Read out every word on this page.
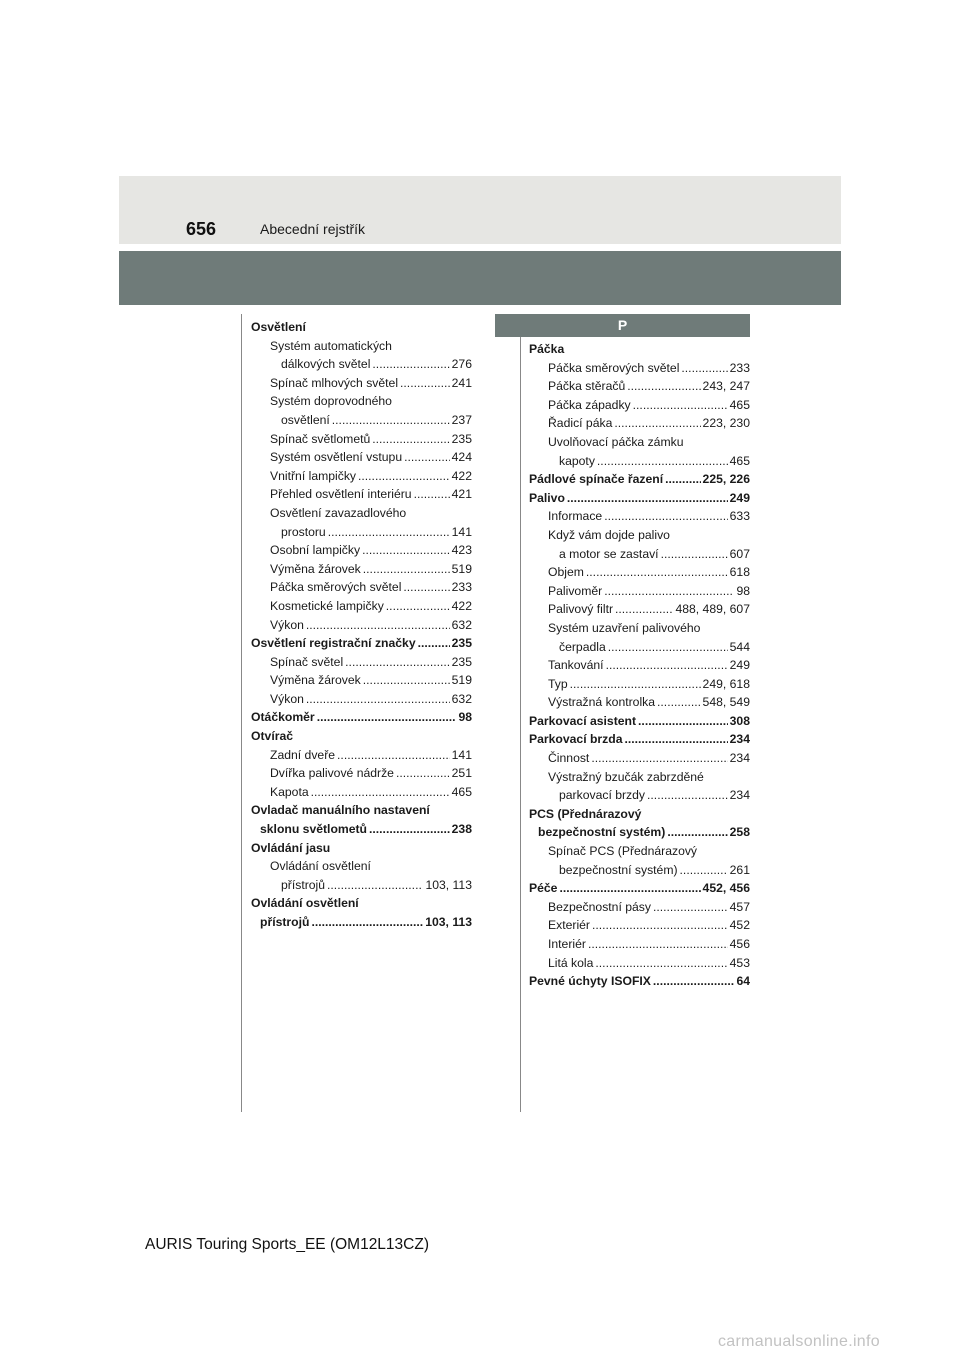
656	Abecední rejstřík
P
Osvětlení
Systém automatických
dálkových světel .....	276
Spínač mlhových světel .....	241
Systém doprovodného
osvětlení .....	237
Spínač světlometů .....	235
Systém osvětlení vstupu .....	424
Vnitřní lampičky .....	422
Přehled osvětlení interiéru .....	421
Osvětlení zavazadlového
prostoru .....	141
Osobní lampičky .....	423
Výměna žárovek .....	519
Páčka směrových světel .....	233
Kosmetické lampičky .....	422
Výkon .....	632
Osvětlení registrační značky .....	235
Spínač světel .....	235
Výměna žárovek .....	519
Výkon .....	632
Otáčkoměr .....	98
Otvírač
Zadní dveře .....	141
Dvířka palivové nádrže .....	251
Kapota .....	465
Ovladač manuálního nastavení
sklonu světlometů .....	238
Ovládání jasu
Ovládání osvětlení
přístrojů .....	103, 113
Ovládání osvětlení
přístrojů .....	103, 113
Páčka
Páčka směrových světel .....	233
Páčka stěračů .....	243, 247
Páčka západky .....	465
Řadicí páka .....	223, 230
Uvolňovací páčka zámku
kapoty .....	465
Pádlové spínače řazení .....	225, 226
Palivo .....	249
Informace .....	633
Když vám dojde palivo
a motor se zastaví .....	607
Objem .....	618
Palivoměr .....	98
Palivový filtr .....	488, 489, 607
Systém uzavření palivového
čerpadla .....	544
Tankování .....	249
Typ .....	249, 618
Výstražná kontrolka .....	548, 549
Parkovací asistent .....	308
Parkovací brzda .....	234
Činnost .....	234
Výstražný bzučák zabrzděné
parkovací brzdy .....	234
PCS (Přednárazový
bezpečnostní systém) .....	258
Spínač PCS (Přednárazový
bezpečnostní systém) .....	261
Péče .....	452, 456
Bezpečnostní pásy .....	457
Exteriér .....	452
Interiér .....	456
Litá kola .....	453
Pevné úchyty ISOFIX .....	64
AURIS Touring Sports_EE (OM12L13CZ)
carmanualsonline.info
